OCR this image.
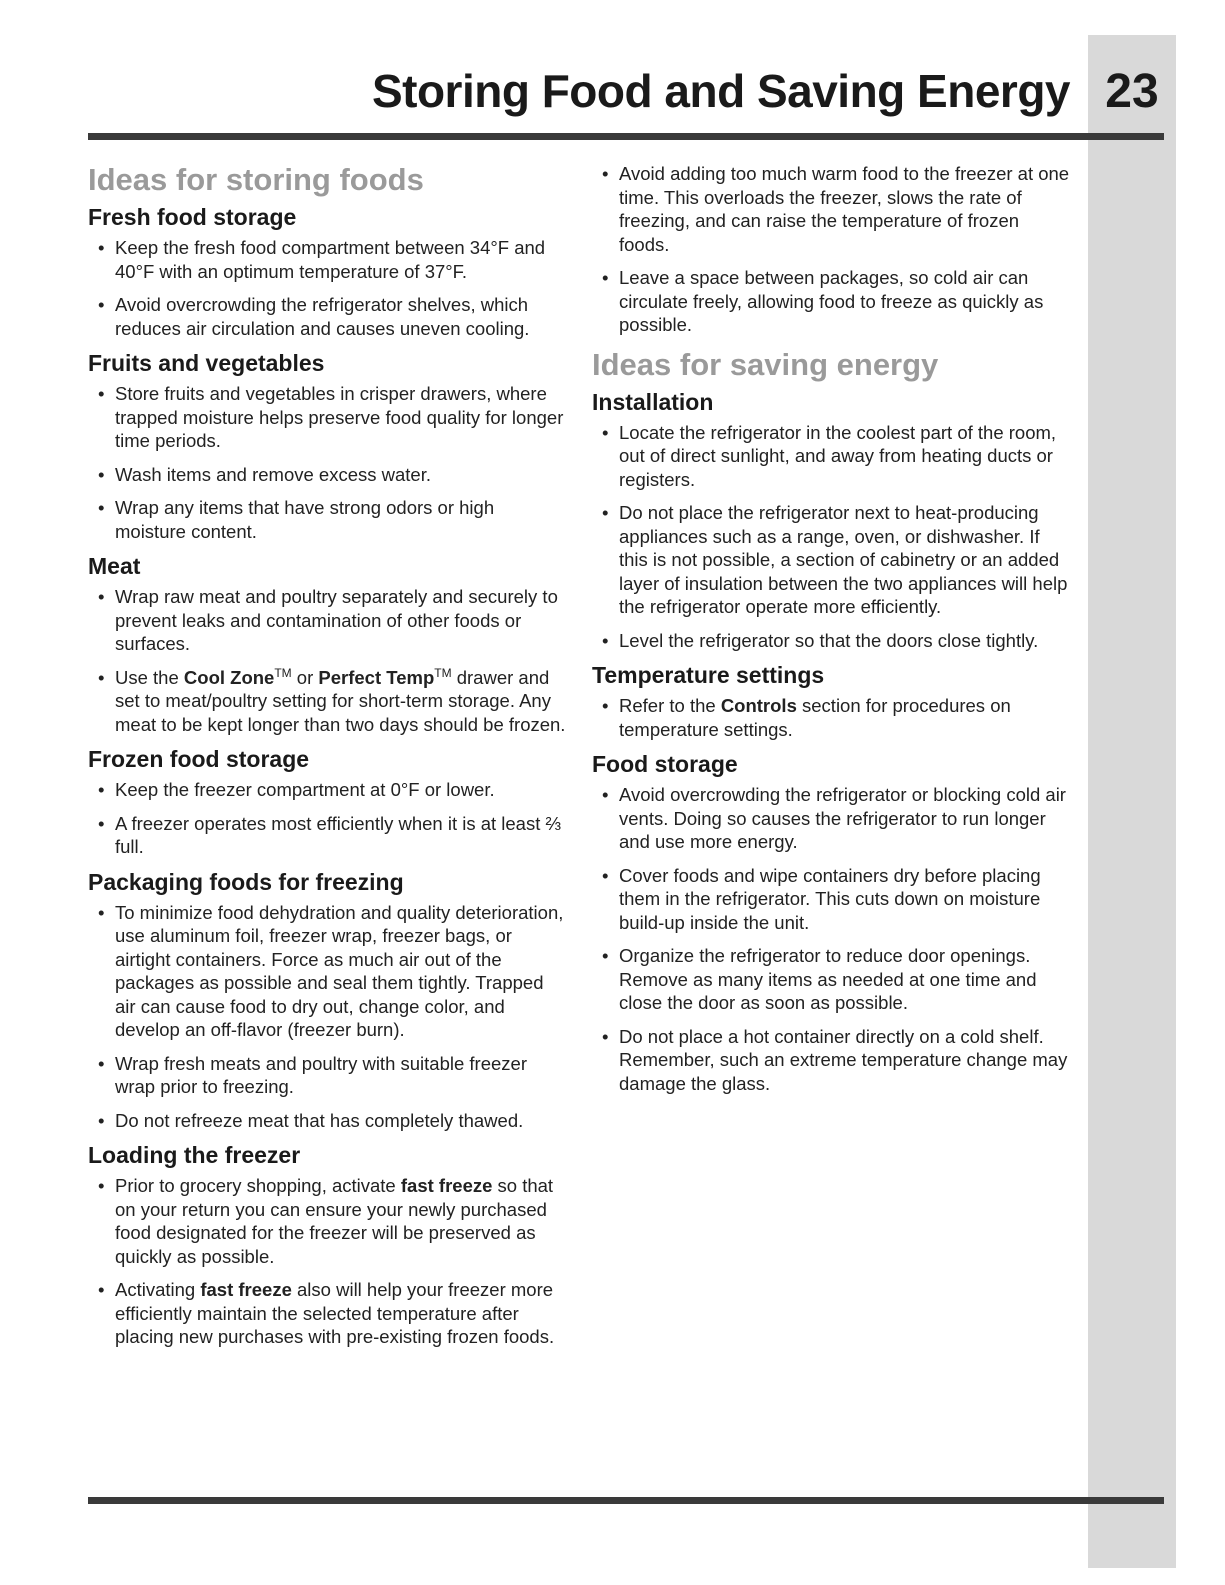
Storing Food and Saving Energy 23
Ideas for storing foods
Fresh food storage
• Keep the fresh food compartment between 34°F and 40°F with an optimum temperature of 37°F.
• Avoid overcrowding the refrigerator shelves, which reduces air circulation and causes uneven cooling.
Fruits and vegetables
• Store fruits and vegetables in crisper drawers, where trapped moisture helps preserve food quality for longer time periods.
• Wash items and remove excess water.
• Wrap any items that have strong odors or high moisture content.
Meat
• Wrap raw meat and poultry separately and securely to prevent leaks and contamination of other foods or surfaces.
• Use the Cool Zone™ or Perfect Temp™ drawer and set to meat/poultry setting for short-term storage. Any meat to be kept longer than two days should be frozen.
Frozen food storage
• Keep the freezer compartment at 0°F or lower.
• A freezer operates most efficiently when it is at least ⅔ full.
Packaging foods for freezing
• To minimize food dehydration and quality deterioration, use aluminum foil, freezer wrap, freezer bags, or airtight containers. Force as much air out of the packages as possible and seal them tightly. Trapped air can cause food to dry out, change color, and develop an off-flavor (freezer burn).
• Wrap fresh meats and poultry with suitable freezer wrap prior to freezing.
• Do not refreeze meat that has completely thawed.
Loading the freezer
• Prior to grocery shopping, activate fast freeze so that on your return you can ensure your newly purchased food designated for the freezer will be preserved as quickly as possible.
• Activating fast freeze also will help your freezer more efficiently maintain the selected temperature after placing new purchases with pre-existing frozen foods.
• Avoid adding too much warm food to the freezer at one time. This overloads the freezer, slows the rate of freezing, and can raise the temperature of frozen foods.
• Leave a space between packages, so cold air can circulate freely, allowing food to freeze as quickly as possible.
Ideas for saving energy
Installation
• Locate the refrigerator in the coolest part of the room, out of direct sunlight, and away from heating ducts or registers.
• Do not place the refrigerator next to heat-producing appliances such as a range, oven, or dishwasher. If this is not possible, a section of cabinetry or an added layer of insulation between the two appliances will help the refrigerator operate more efficiently.
• Level the refrigerator so that the doors close tightly.
Temperature settings
• Refer to the Controls section for procedures on temperature settings.
Food storage
• Avoid overcrowding the refrigerator or blocking cold air vents. Doing so causes the refrigerator to run longer and use more energy.
• Cover foods and wipe containers dry before placing them in the refrigerator. This cuts down on moisture build-up inside the unit.
• Organize the refrigerator to reduce door openings. Remove as many items as needed at one time and close the door as soon as possible.
• Do not place a hot container directly on a cold shelf. Remember, such an extreme temperature change may damage the glass.
